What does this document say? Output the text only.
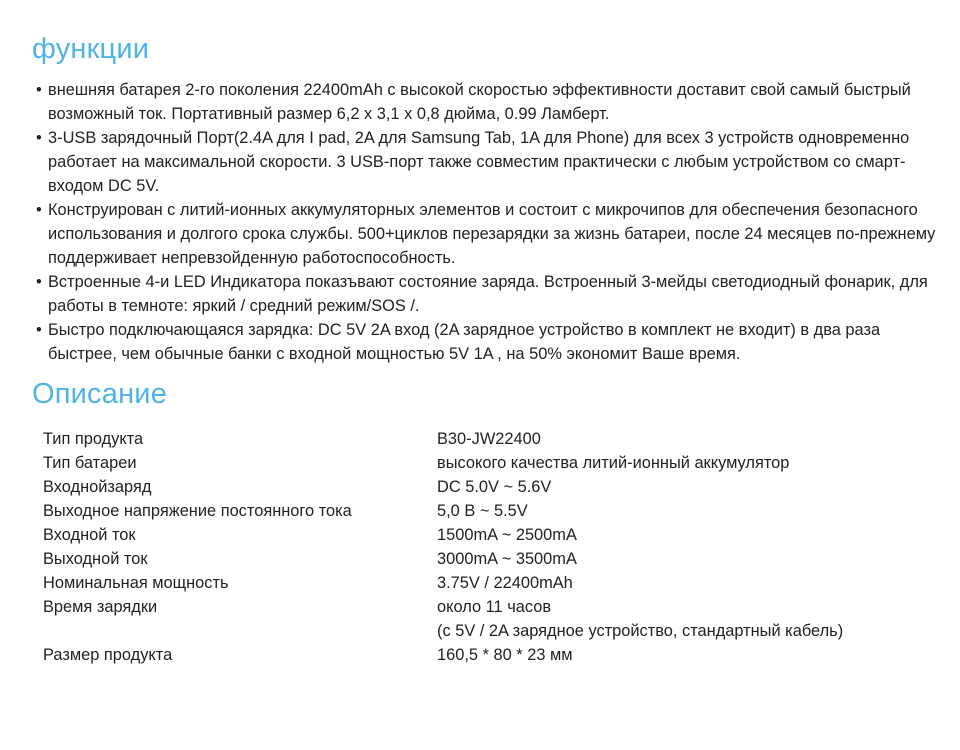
функции
• внешняя батарея 2-го поколения 22400mAh с высокой скоростью эффективности доставит свой самый быстрый возможный ток. Портативный размер 6,2 x 3,1 x 0,8 дюйма, 0.99 Ламберт.
• 3-USB зарядочный Порт(2.4A для I pad, 2A для Samsung Tab, 1A для Phone) для всех 3 устройств одновременно работает на максимальной скорости. 3 USB-порт также совместим практически с любым устройством со смарт-входом DC 5V.
• Конструирован с литий-ионных аккумуляторных элементов и состоит с микрочипов для обеспечения безопасного использования и долгого срока службы. 500+циклов перезарядки за жизнь батареи, после 24 месяцев по-прежнему поддерживает непревзойденную работоспособность.
• Встроенные 4-и LED Индикатора показъвают состояние заряда. Встроенный 3-мейды светодиодный фонарик, для работы в темноте: яркий / средний режим/SOS /.
• Быстро подключающаяся зарядка: DC 5V 2A вход (2A зарядное устройство в комплект не входит) в два раза быстрее, чем обычные банки с входной мощностью 5V 1A , на 50% экономит Ваше время.
Описание
Тип продукта	B30-JW22400
Тип батареи	высокого качества литий-ионный аккумулятор
Входнойзаряд	DC 5.0V ~ 5.6V
Выходное напряжение постоянного тока	5,0 В ~ 5.5V
Входной ток	1500mA ~ 2500mA
Выходной ток	3000mA ~ 3500mA
Номинальная мощность	3.75V / 22400mAh
Время зарядки	около 11 часов
(с 5V / 2A зарядное устройство, стандартный кабель)
Размер продукта	160,5 * 80 * 23 мм
